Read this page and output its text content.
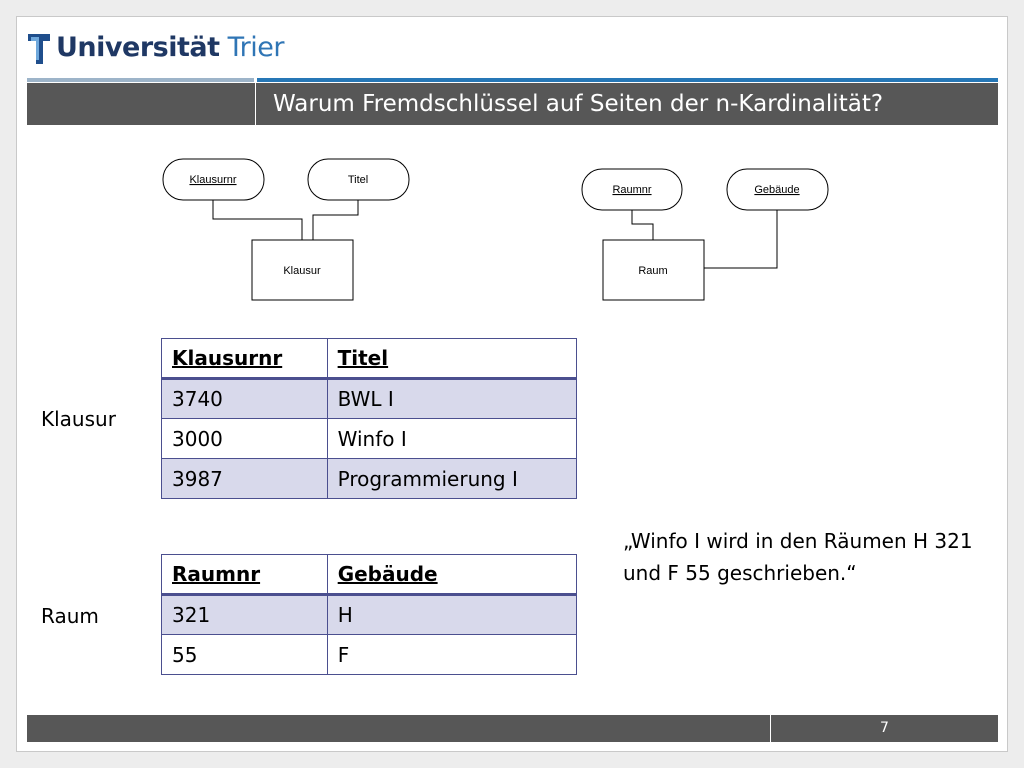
Universität Trier
Warum Fremdschlüssel auf Seiten der n-Kardinalität?
Klausurnr	Titel
Klausur
Raumnr	Gebäude
Raum
Klausur
Klausurnr	Titel
3740	BWL I
3000	Winfo I
3987	Programmierung I
Raum
Raumnr	Gebäude
321	H
55	F
„Winfo I wird in den Räumen H 321 und F 55 geschrieben.“
7
